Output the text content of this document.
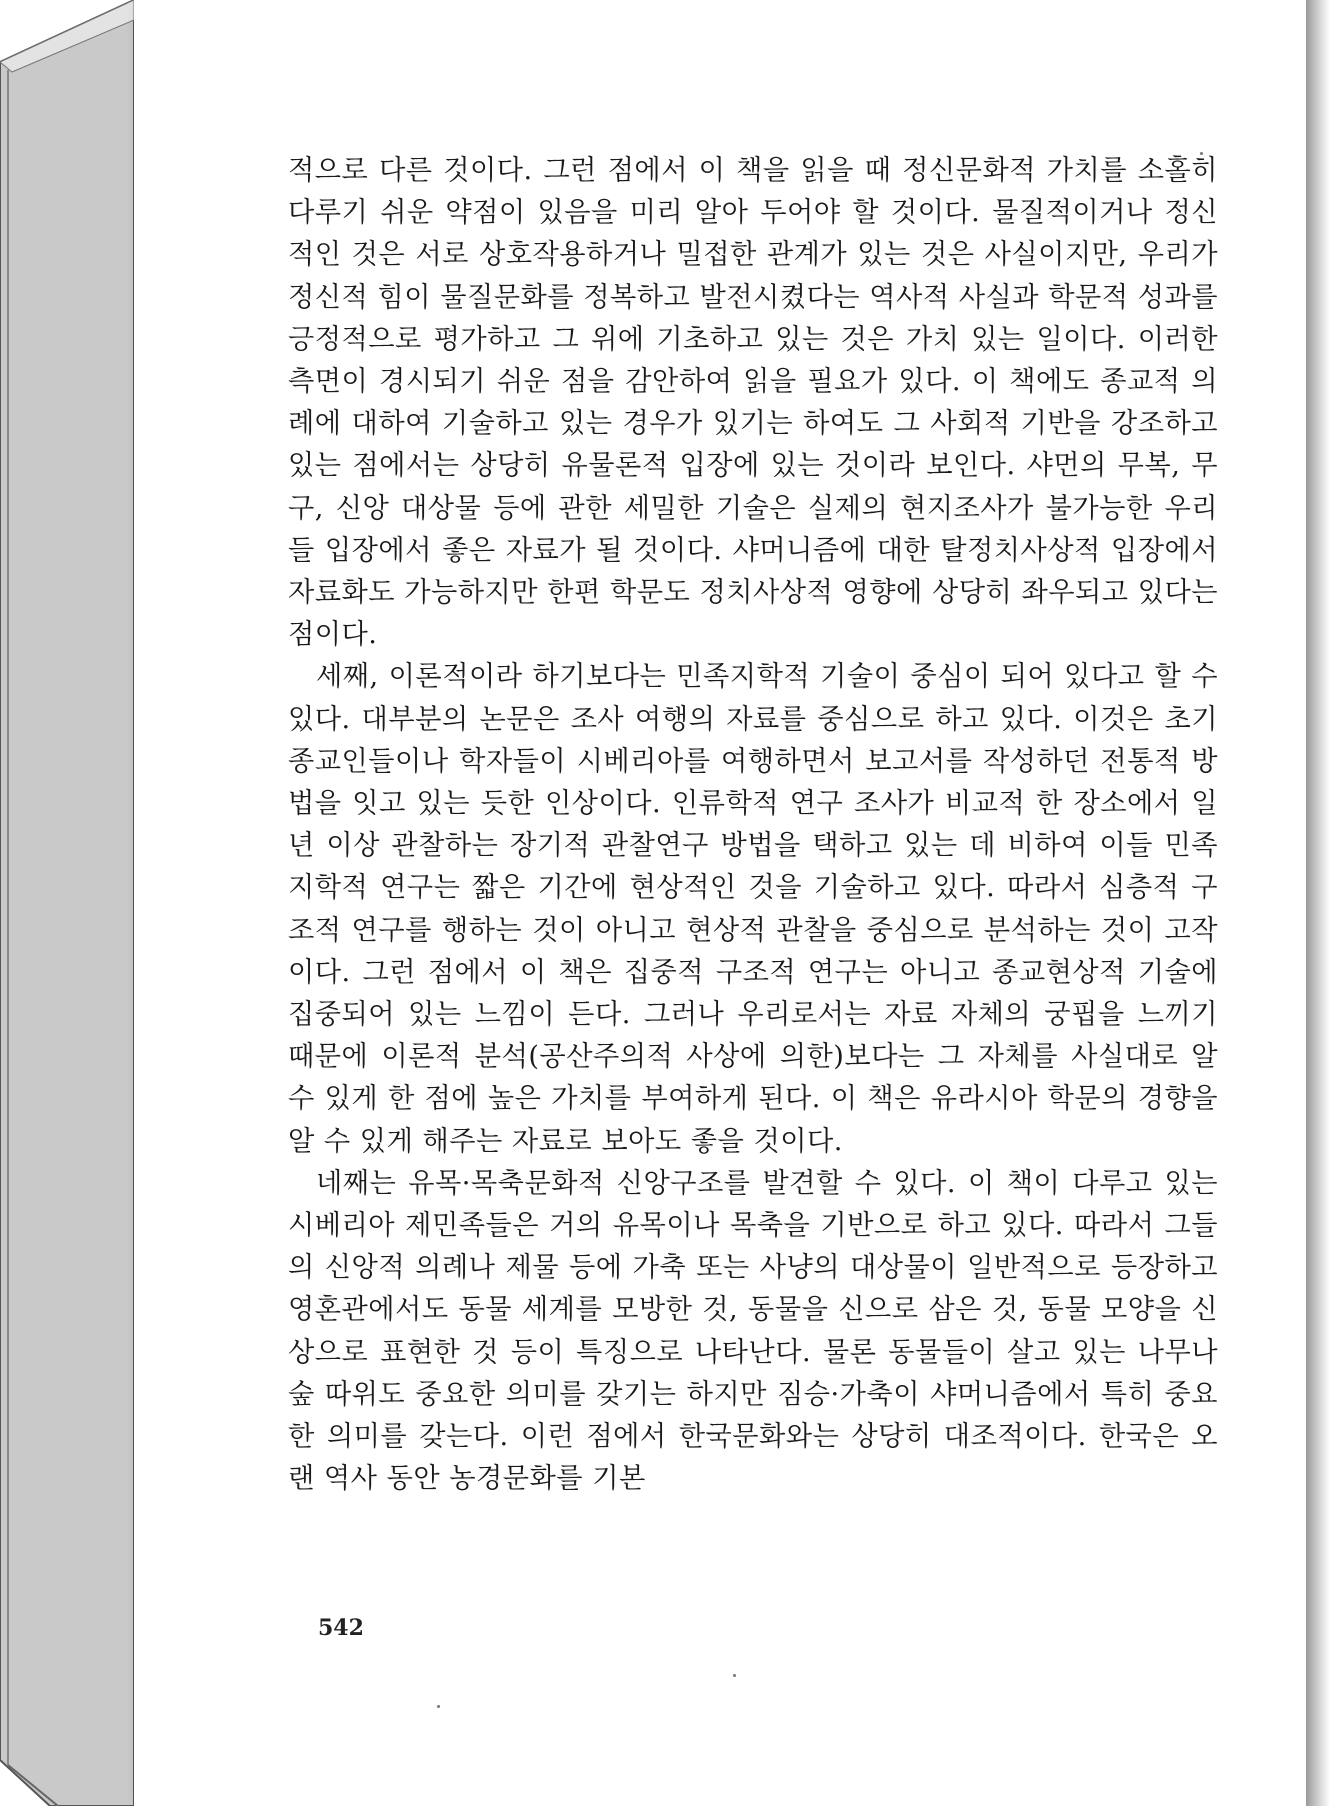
적으로 다른 것이다. 그런 점에서 이 책을 읽을 때 정신문화적 가치를 소홀히 다루기 쉬운 약점이 있음을 미리 알아 두어야 할 것이다. 물질적이거나 정신적인 것은 서로 상호작용하거나 밀접한 관계가 있는 것은 사실이지만, 우리가 정신적 힘이 물질문화를 정복하고 발전시켰다는 역사적 사실과 학문적 성과를 긍정적으로 평가하고 그 위에 기초하고 있는 것은 가치 있는 일이다. 이러한 측면이 경시되기 쉬운 점을 감안하여 읽을 필요가 있다. 이 책에도 종교적 의례에 대하여 기술하고 있는 경우가 있기는 하여도 그 사회적 기반을 강조하고 있는 점에서는 상당히 유물론적 입장에 있는 것이라 보인다. 샤먼의 무복, 무구, 신앙 대상물 등에 관한 세밀한 기술은 실제의 현지조사가 불가능한 우리들 입장에서 좋은 자료가 될 것이다. 샤머니즘에 대한 탈정치사상적 입장에서 자료화도 가능하지만 한편 학문도 정치사상적 영향에 상당히 좌우되고 있다는 점이다.

세째, 이론적이라 하기보다는 민족지학적 기술이 중심이 되어 있다고 할 수 있다. 대부분의 논문은 조사 여행의 자료를 중심으로 하고 있다. 이것은 초기 종교인들이나 학자들이 시베리아를 여행하면서 보고서를 작성하던 전통적 방법을 잇고 있는 듯한 인상이다. 인류학적 연구 조사가 비교적 한 장소에서 일 년 이상 관찰하는 장기적 관찰연구 방법을 택하고 있는 데 비하여 이들 민족지학적 연구는 짧은 기간에 현상적인 것을 기술하고 있다. 따라서 심층적 구조적 연구를 행하는 것이 아니고 현상적 관찰을 중심으로 분석하는 것이 고작이다. 그런 점에서 이 책은 집중적 구조적 연구는 아니고 종교현상적 기술에 집중되어 있는 느낌이 든다. 그러나 우리로서는 자료 자체의 궁핍을 느끼기 때문에 이론적 분석(공산주의적 사상에 의한)보다는 그 자체를 사실대로 알 수 있게 한 점에 높은 가치를 부여하게 된다. 이 책은 유라시아 학문의 경향을 알 수 있게 해주는 자료로 보아도 좋을 것이다.

네째는 유목·목축문화적 신앙구조를 발견할 수 있다. 이 책이 다루고 있는 시베리아 제민족들은 거의 유목이나 목축을 기반으로 하고 있다. 따라서 그들의 신앙적 의례나 제물 등에 가축 또는 사냥의 대상물이 일반적으로 등장하고 영혼관에서도 동물 세계를 모방한 것, 동물을 신으로 삼은 것, 동물 모양을 신상으로 표현한 것 등이 특징으로 나타난다. 물론 동물들이 살고 있는 나무나 숲 따위도 중요한 의미를 갖기는 하지만 짐승·가축이 샤머니즘에서 특히 중요한 의미를 갖는다. 이런 점에서 한국문화와는 상당히 대조적이다. 한국은 오랜 역사 동안 농경문화를 기본

542
